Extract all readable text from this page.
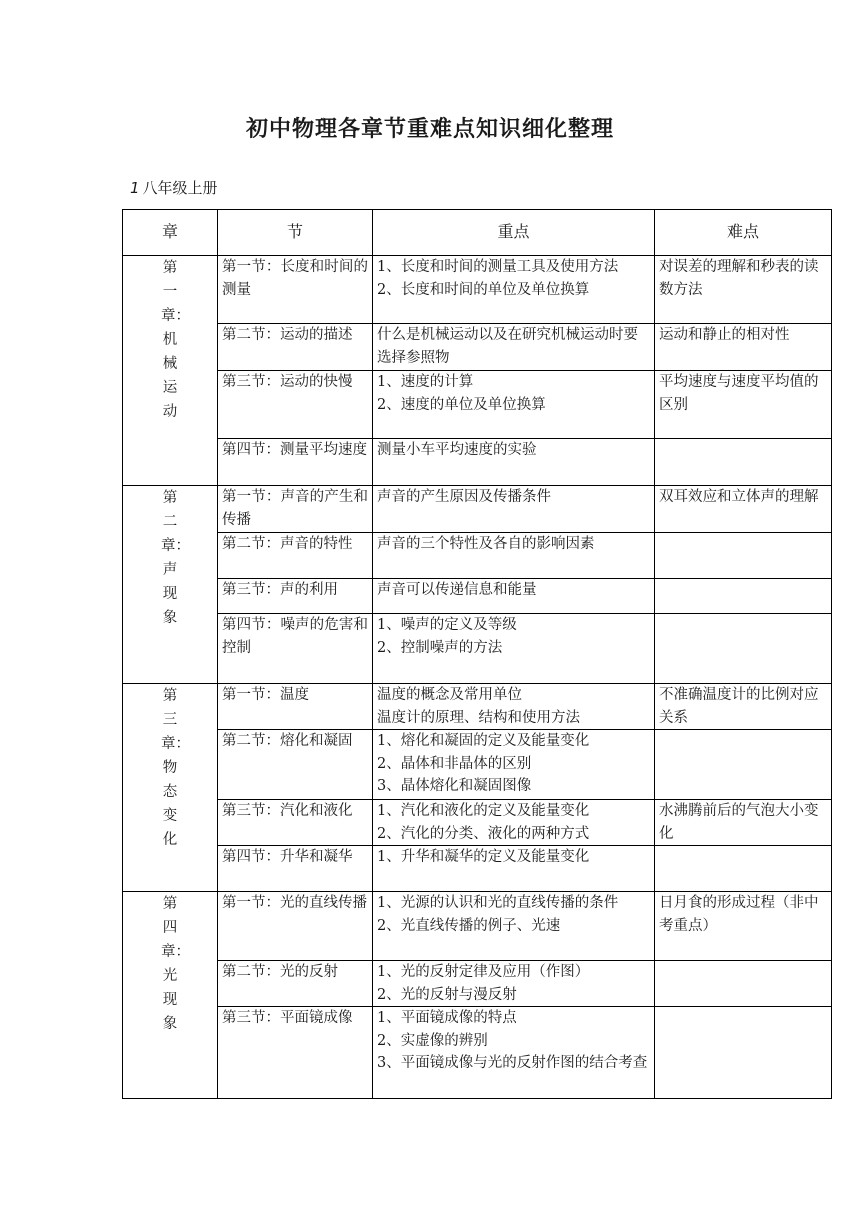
初中物理各章节重难点知识细化整理
1 八年级上册
章	节	重点	难点
第一章：机械运动	第一节：长度和时间的测量	1、长度和时间的测量工具及使用方法
2、长度和时间的单位及单位换算	对误差的理解和秒表的读数方法
	第二节：运动的描述	什么是机械运动以及在研究机械运动时要选择参照物	运动和静止的相对性
	第三节：运动的快慢	1、速度的计算
2、速度的单位及单位换算	平均速度与速度平均值的区别
	第四节：测量平均速度	测量小车平均速度的实验	

第二章：声现象	第一节：声音的产生和传播	声音的产生原因及传播条件	双耳效应和立体声的理解
	第二节：声音的特性	声音的三个特性及各自的影响因素	

	第三节：声的利用	声音可以传递信息和能量	

	第四节：噪声的危害和控制	1、噪声的定义及等级
2、控制噪声的方法	

第三章：物态变化	第一节：温度	温度的概念及常用单位
温度计的原理、结构和使用方法	不准确温度计的比例对应关系
	第二节：熔化和凝固	1、熔化和凝固的定义及能量变化
2、晶体和非晶体的区别
3、晶体熔化和凝固图像	

	第三节：汽化和液化	1、汽化和液化的定义及能量变化
2、汽化的分类、液化的两种方式	水沸腾前后的气泡大小变化
	第四节：升华和凝华	1、升华和凝华的定义及能量变化	

第四章：光现象	第一节：光的直线传播	1、光源的认识和光的直线传播的条件
2、光直线传播的例子、光速	日月食的形成过程（非中考重点）
	第二节：光的反射	1、光的反射定律及应用（作图）
2、光的反射与漫反射	

	第三节：平面镜成像	1、平面镜成像的特点
2、实虚像的辨别
3、平面镜成像与光的反射作图的结合考查	
